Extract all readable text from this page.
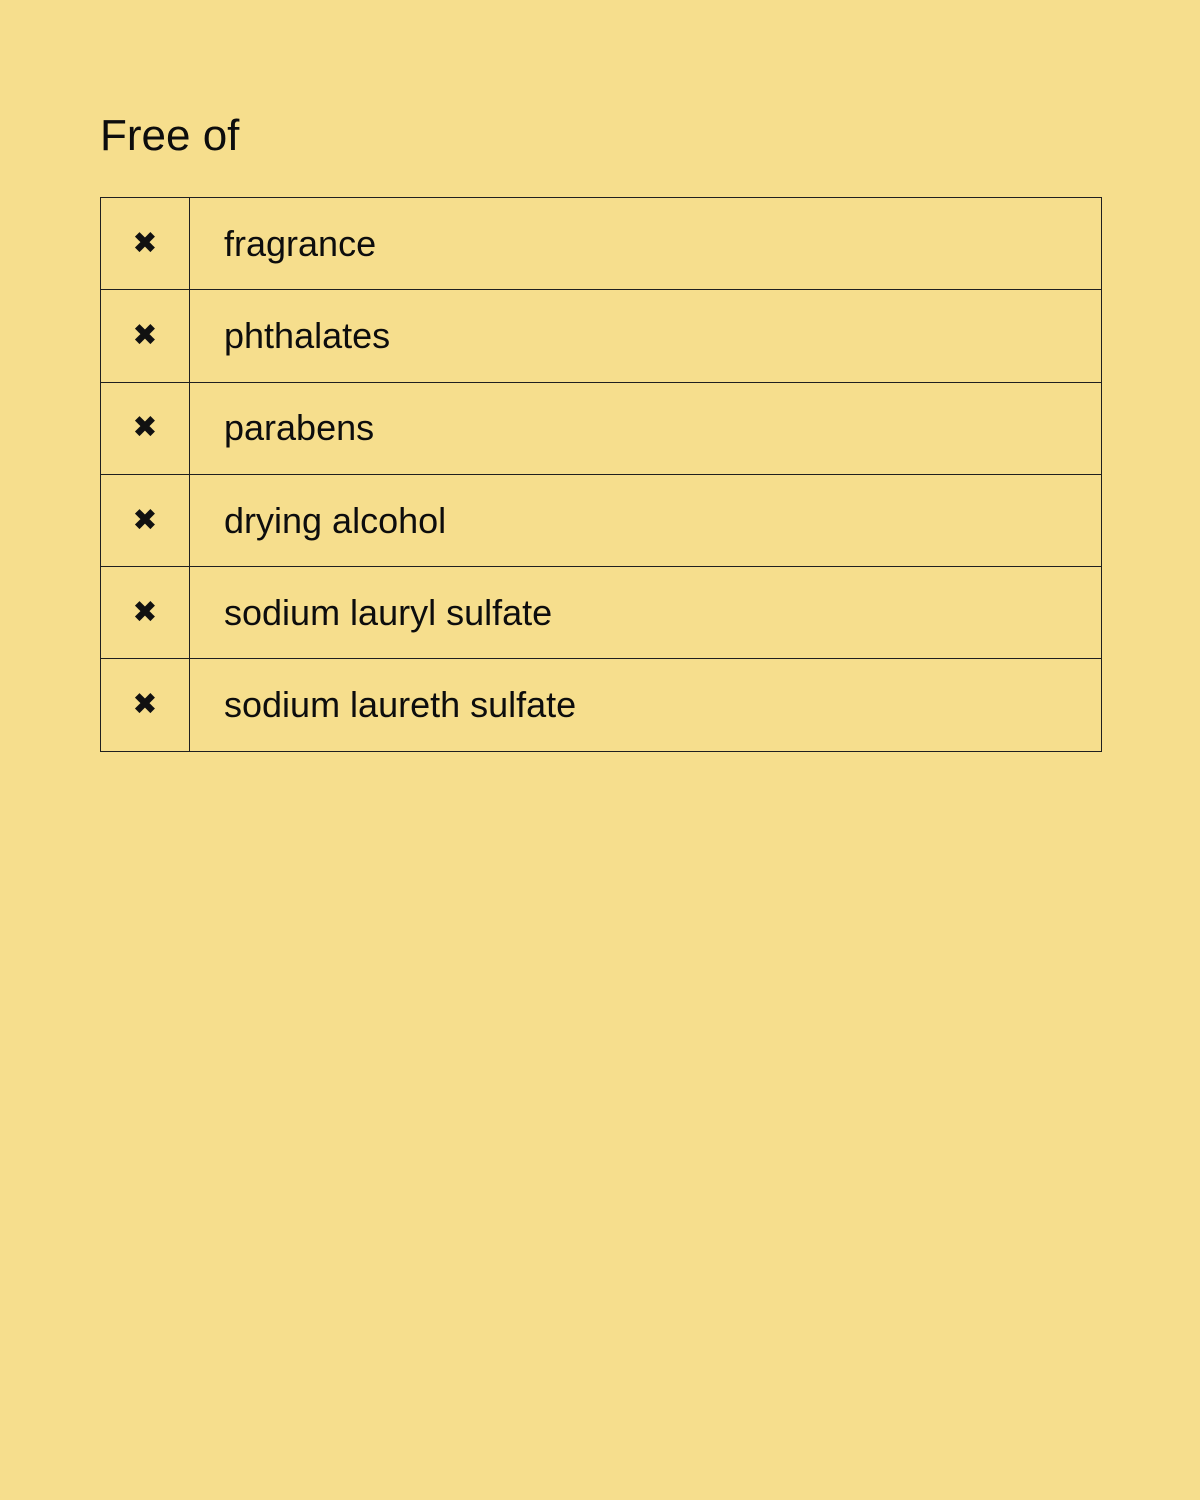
Free of
✖	fragrance
✖	phthalates
✖	parabens
✖	drying alcohol
✖	sodium lauryl sulfate
✖	sodium laureth sulfate
